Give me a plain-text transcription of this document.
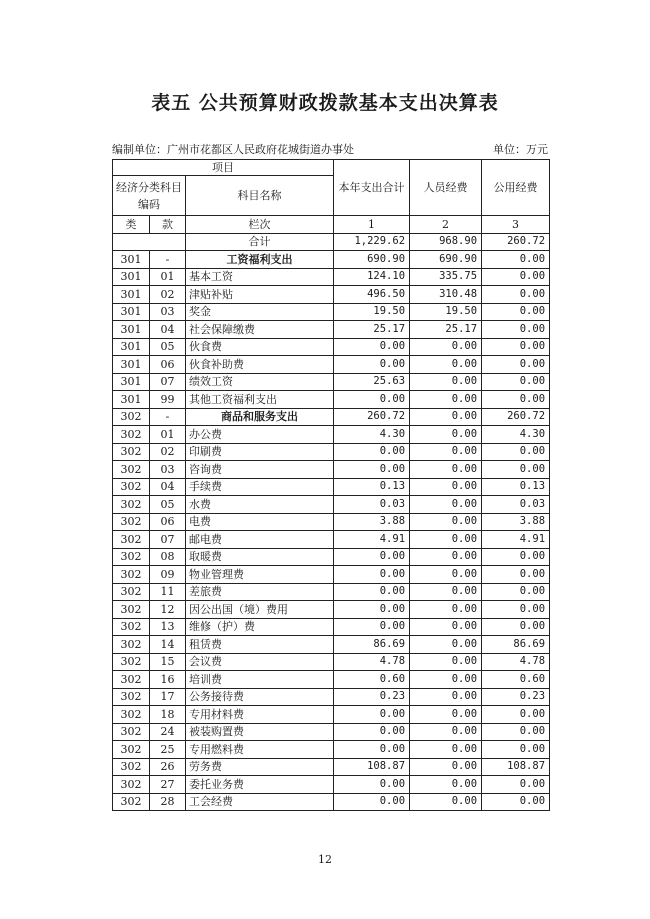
表五 公共预算财政拨款基本支出决算表
编制单位：广州市花都区人民政府花城街道办事处	单位：万元
项目			本年支出合计	人员经费	公用经费
经济分类科目编码		科目名称			
类	款				
		栏次	1	2	3
		合计	1,229.62	968.90	260.72
301	-	工资福利支出	690.90	690.90	0.00
301	01	基本工资	124.10	335.75	0.00
301	02	津贴补贴	496.50	310.48	0.00
301	03	奖金	19.50	19.50	0.00
301	04	社会保障缴费	25.17	25.17	0.00
301	05	伙食费	0.00	0.00	0.00
301	06	伙食补助费	0.00	0.00	0.00
301	07	绩效工资	25.63	0.00	0.00
301	99	其他工资福利支出	0.00	0.00	0.00
302	-	商品和服务支出	260.72	0.00	260.72
302	01	办公费	4.30	0.00	4.30
302	02	印刷费	0.00	0.00	0.00
302	03	咨询费	0.00	0.00	0.00
302	04	手续费	0.13	0.00	0.13
302	05	水费	0.03	0.00	0.03
302	06	电费	3.88	0.00	3.88
302	07	邮电费	4.91	0.00	4.91
302	08	取暖费	0.00	0.00	0.00
302	09	物业管理费	0.00	0.00	0.00
302	11	差旅费	0.00	0.00	0.00
302	12	因公出国（境）费用	0.00	0.00	0.00
302	13	维修（护）费	0.00	0.00	0.00
302	14	租赁费	86.69	0.00	86.69
302	15	会议费	4.78	0.00	4.78
302	16	培训费	0.60	0.00	0.60
302	17	公务接待费	0.23	0.00	0.23
302	18	专用材料费	0.00	0.00	0.00
302	24	被装购置费	0.00	0.00	0.00
302	25	专用燃料费	0.00	0.00	0.00
302	26	劳务费	108.87	0.00	108.87
302	27	委托业务费	0.00	0.00	0.00
302	28	工会经费	0.00	0.00	0.00
12
